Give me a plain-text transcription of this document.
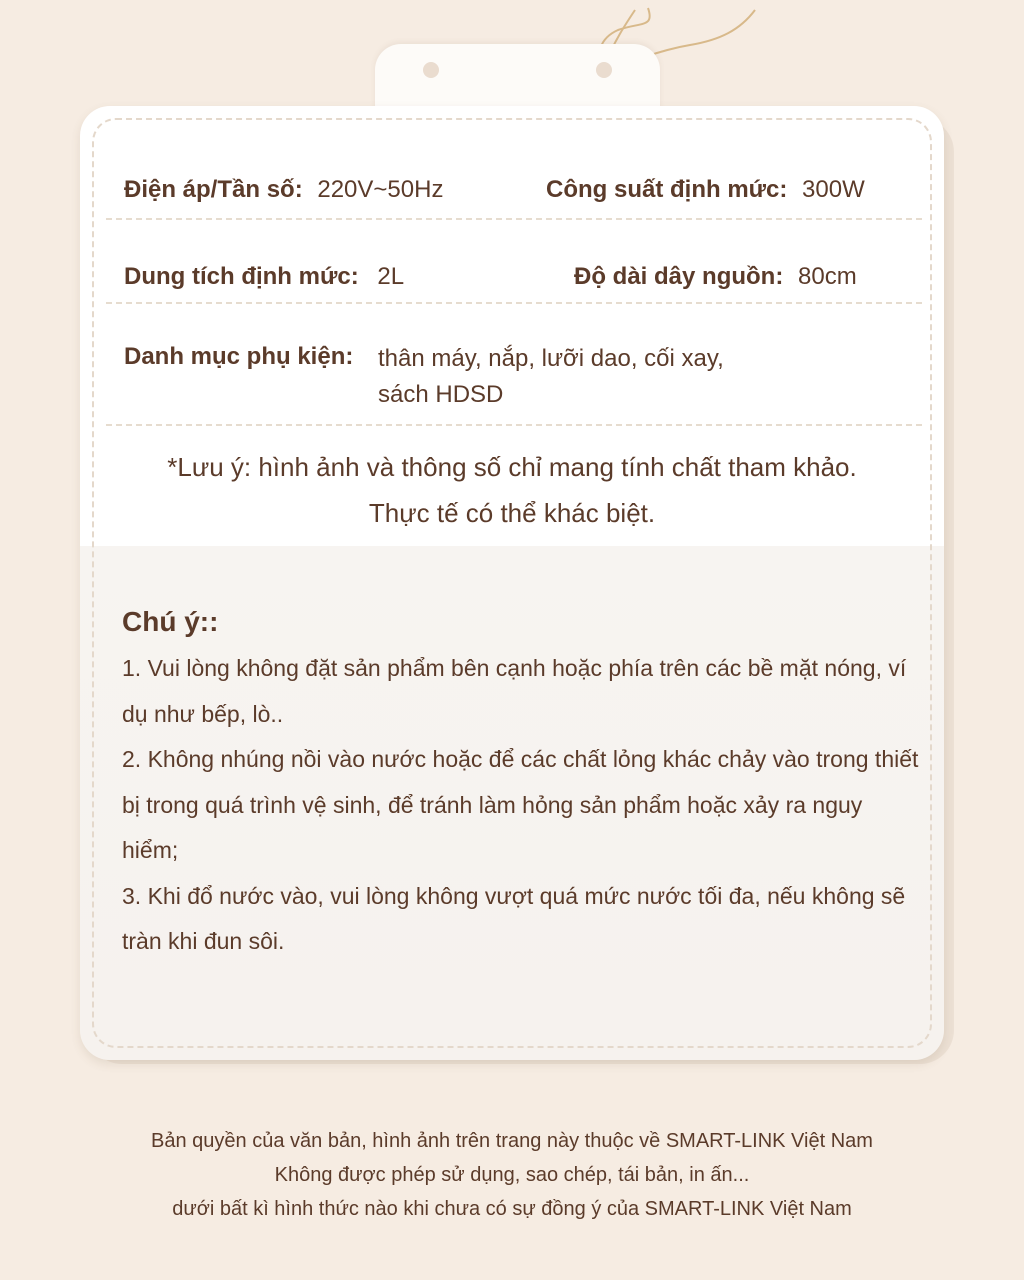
Điện áp/Tần số: 220V~50Hz	Công suất định mức: 300W
Dung tích định mức: 2L	Độ dài dây nguồn: 80cm
Danh mục phụ kiện: thân máy, nắp, lưỡi dao, cối xay,
sách HDSD
*Lưu ý: hình ảnh và thông số chỉ mang tính chất tham khảo.
Thực tế có thể khác biệt.
Chú ý::

1. Vui lòng không đặt sản phẩm bên cạnh hoặc phía trên các bề mặt nóng, ví dụ như bếp, lò..

2. Không nhúng nồi vào nước hoặc để các chất lỏng khác chảy vào trong thiết bị trong quá trình vệ sinh, để tránh làm hỏng sản phẩm hoặc xảy ra nguy hiểm;

3. Khi đổ nước vào, vui lòng không vượt quá mức nước tối đa, nếu không sẽ tràn khi đun sôi.

Bản quyền của văn bản, hình ảnh trên trang này thuộc về SMART-LINK Việt Nam
Không được phép sử dụng, sao chép, tái bản, in ấn...
dưới bất kì hình thức nào khi chưa có sự đồng ý của SMART-LINK Việt Nam
